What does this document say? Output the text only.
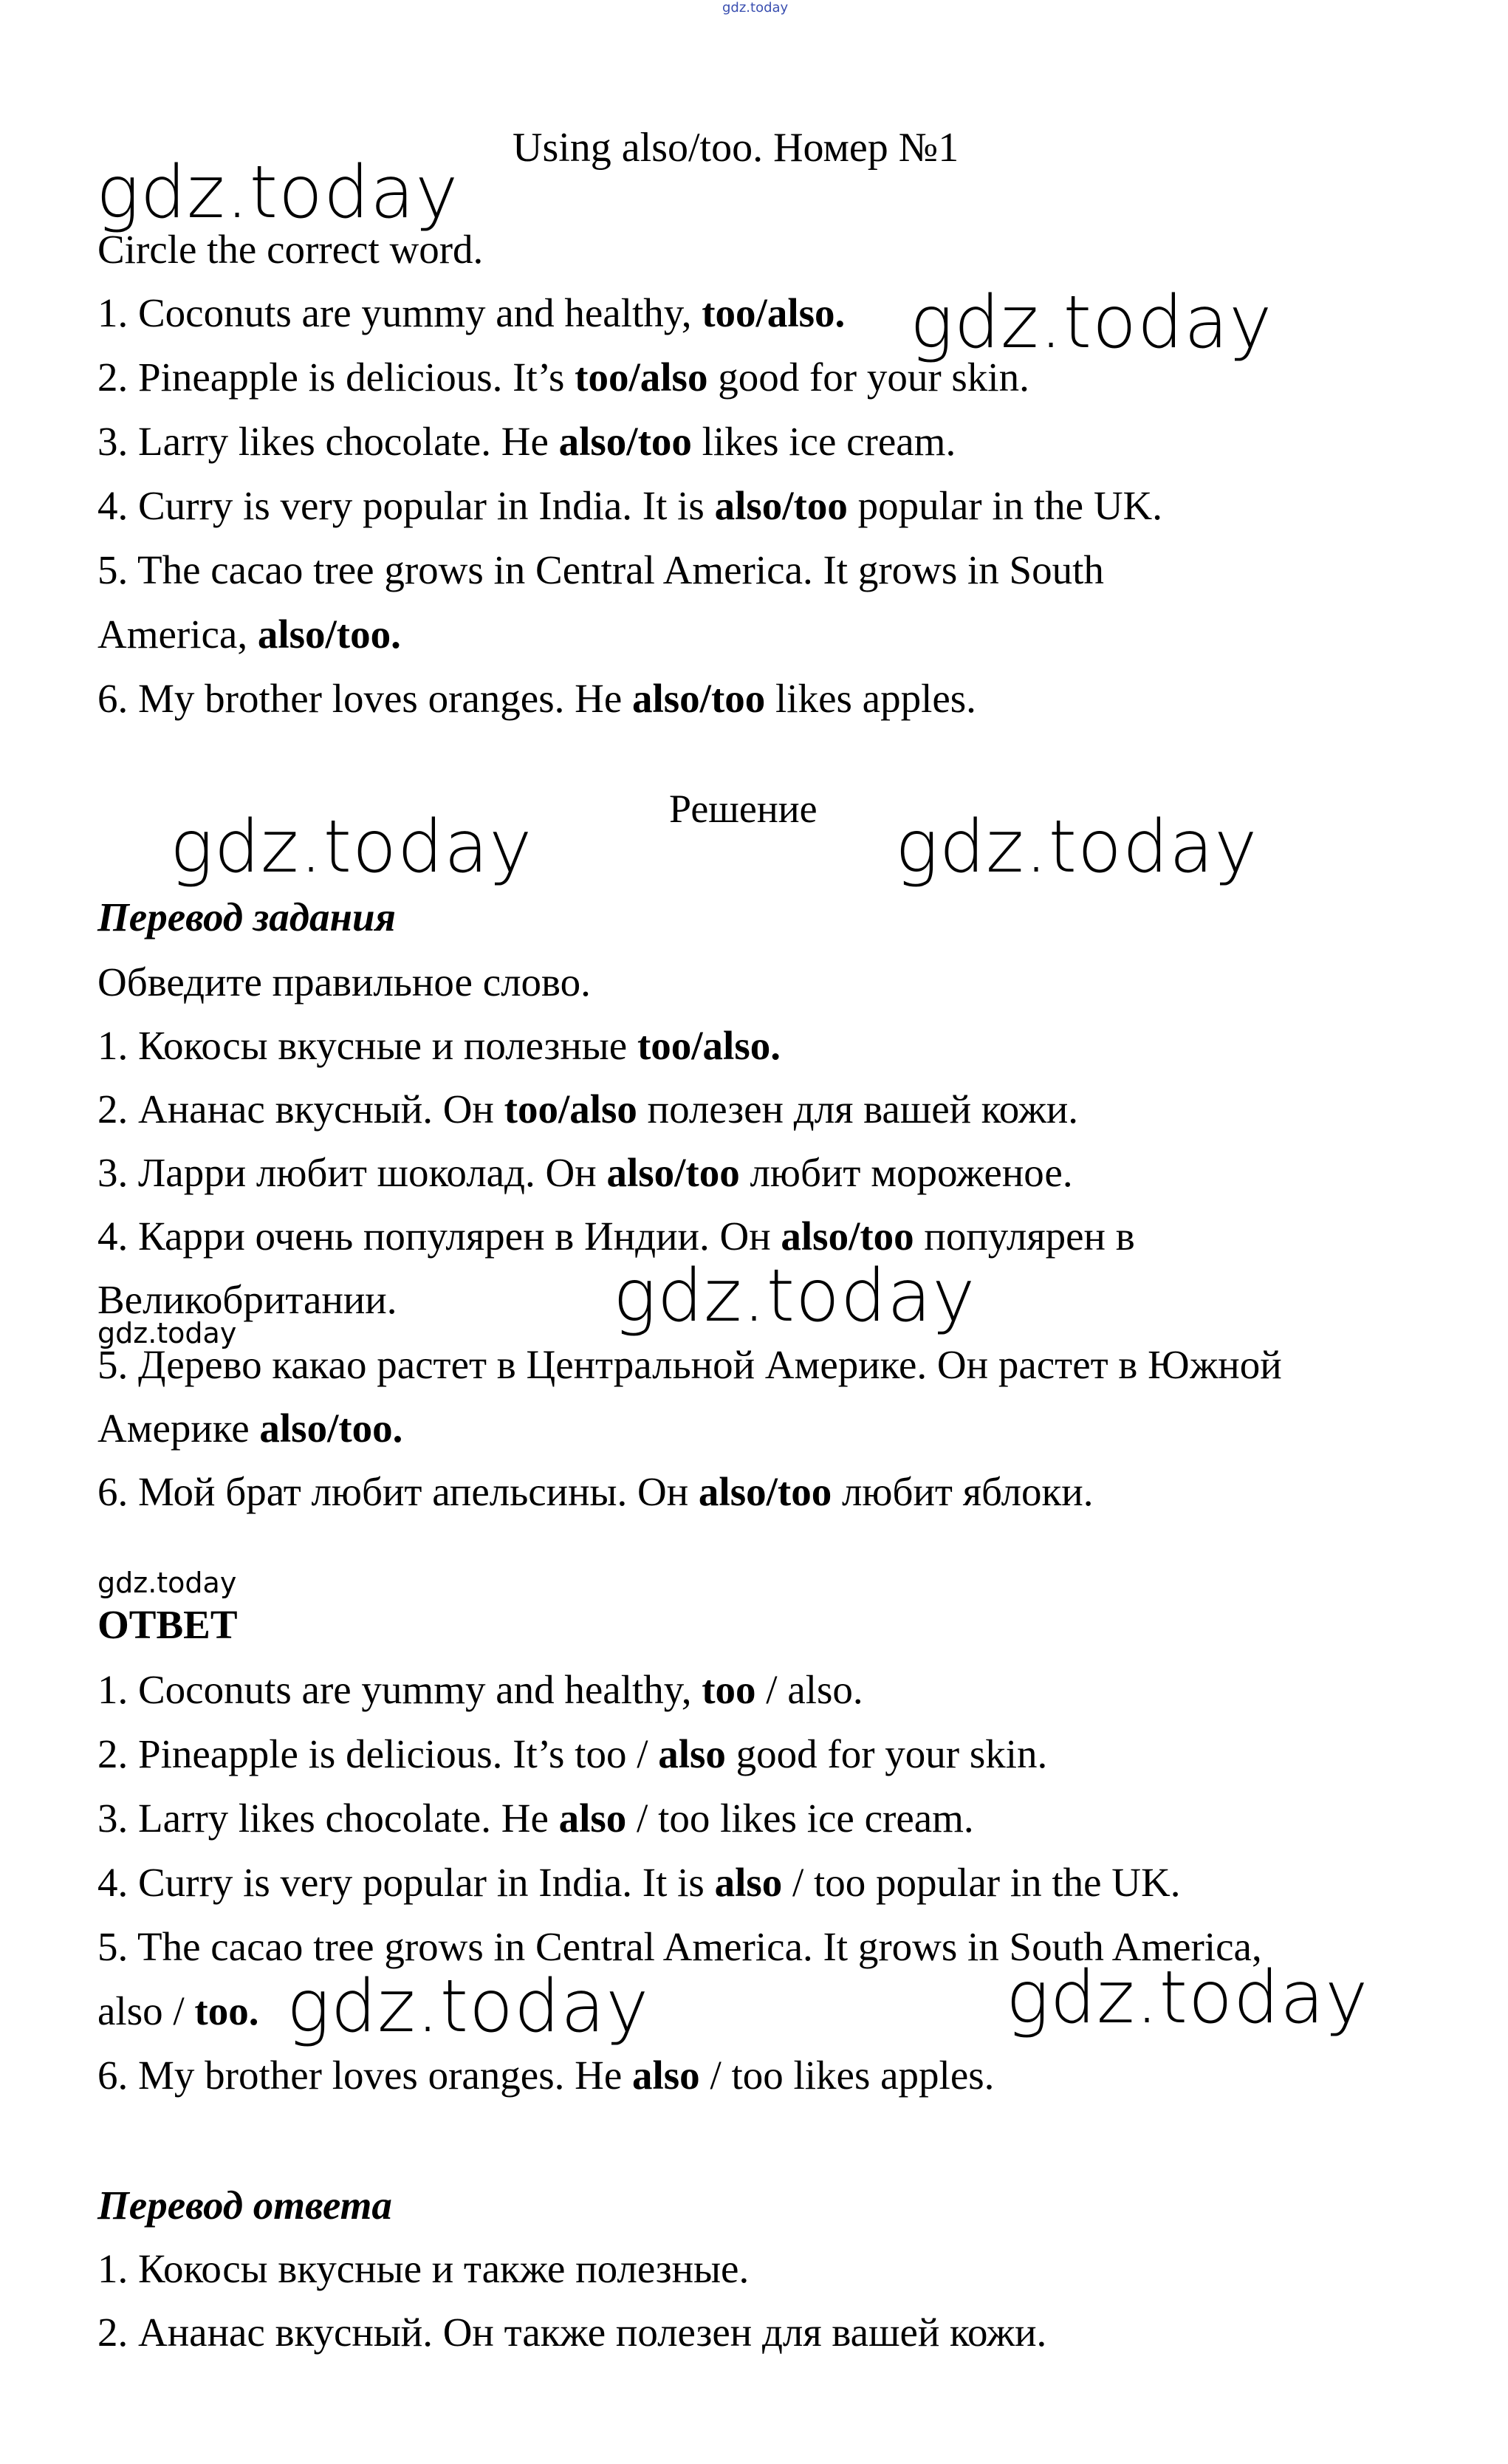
gdz.today
Using also/too. Номер №1
gdz.today
Circle the correct word.
1. Coconuts are yummy and healthy, too/also. gdz.today
2. Pineapple is delicious. It’s too/also good for your skin.
3. Larry likes chocolate. He also/too likes ice cream.
4. Curry is very popular in India. It is also/too popular in the UK.
5. The cacao tree grows in Central America. It grows in South
America, also/too.
6. My brother loves oranges. He also/too likes apples.
Решение
gdz.today	gdz.today
Перевод задания
Обведите правильное слово.
1. Кокосы вкусные и полезные too/also.
2. Ананас вкусный. Он too/also полезен для вашей кожи.
3. Ларри любит шоколад. Он also/too любит мороженое.
4. Карри очень популярен в Индии. Он also/too популярен в
Великобритании.	gdz.today
gdz.today
5. Дерево какао растет в Центральной Америке. Он растет в Южной
Америке also/too.
6. Мой брат любит апельсины. Он also/too любит яблоки.
gdz.today
ОТВЕТ
1. Coconuts are yummy and healthy, too / also.
2. Pineapple is delicious. It’s too / also good for your skin.
3. Larry likes chocolate. He also / too likes ice cream.
4. Curry is very popular in India. It is also / too popular in the UK.
5. The cacao tree grows in Central America. It grows in South America,
also / too. gdz.today	gdz.today
6. My brother loves oranges. He also / too likes apples.
Перевод ответа
1. Кокосы вкусные и также полезные.
2. Ананас вкусный. Он также полезен для вашей кожи.
